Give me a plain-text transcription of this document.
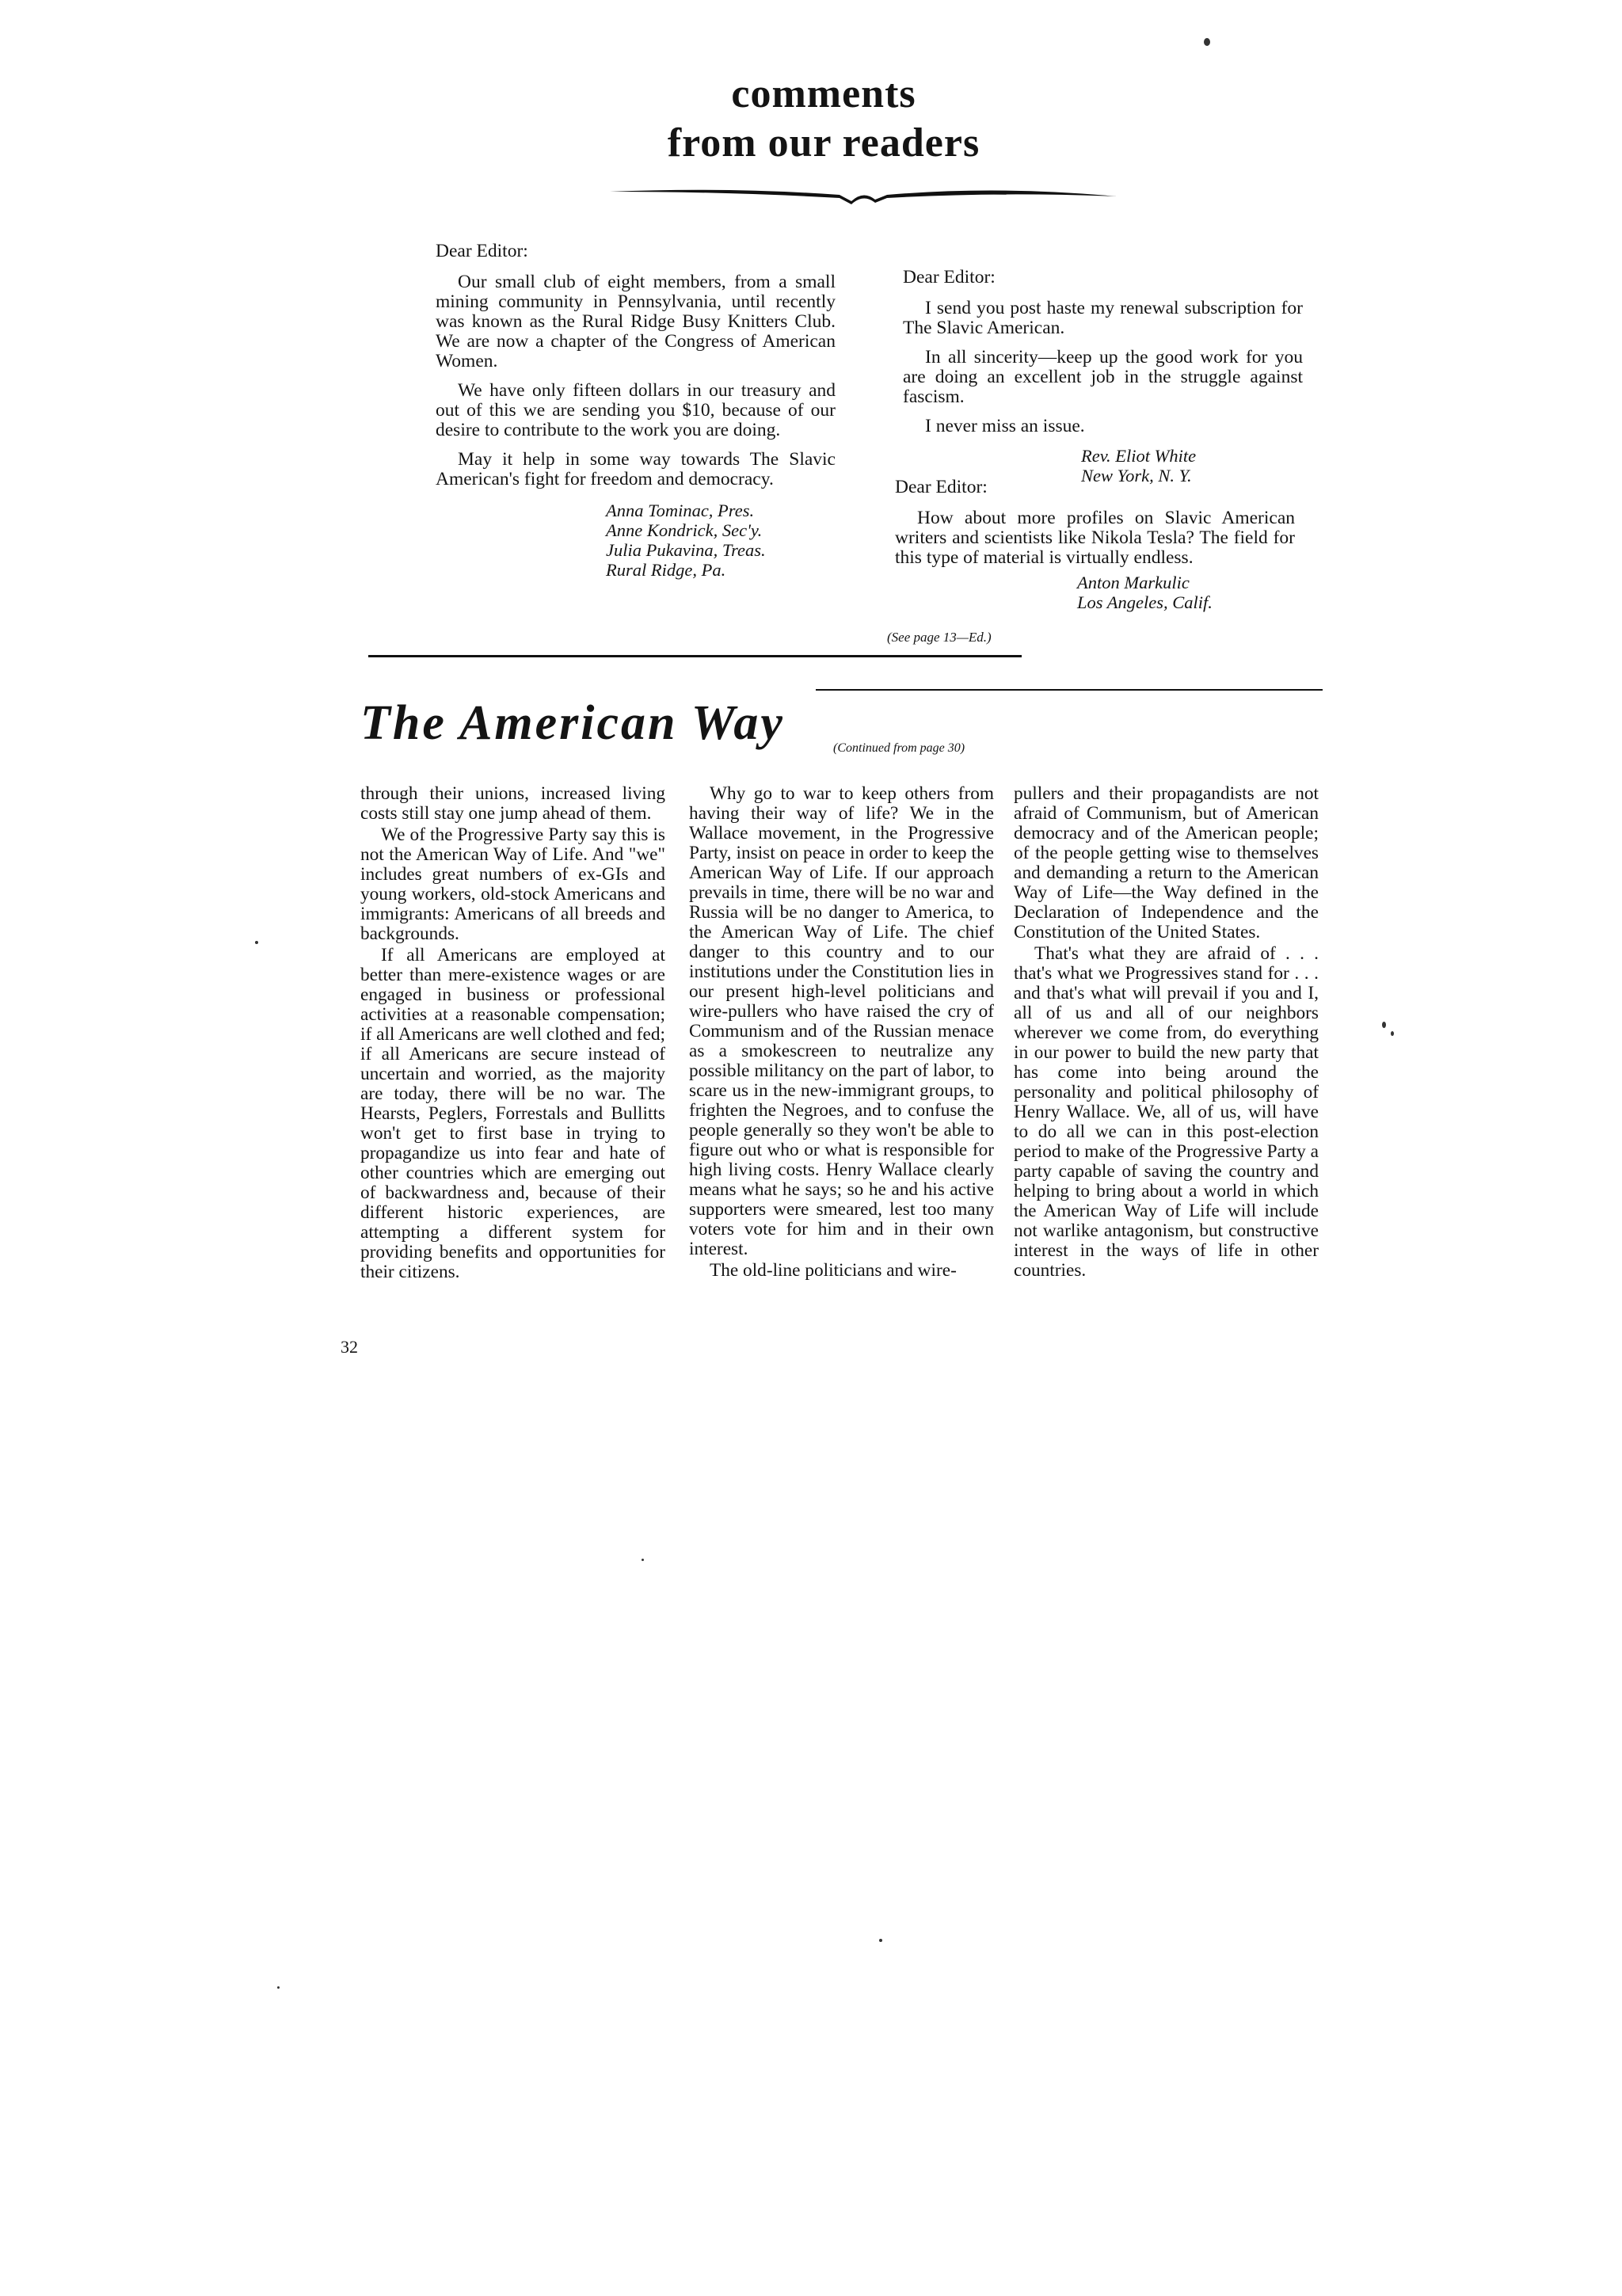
comments
from our readers
Dear Editor:

Our small club of eight members, from a small mining community in Pennsylvania, until recently was known as the Rural Ridge Busy Knitters Club. We are now a chapter of the Congress of American Women.

We have only fifteen dollars in our treasury and out of this we are sending you $10, because of our desire to contribute to the work you are doing.

May it help in some way towards The Slavic American's fight for freedom and democracy.

Anna Tominac, Pres.
Anne Kondrick, Sec'y.
Julia Pukavina, Treas.
Rural Ridge, Pa.
Dear Editor:

I send you post haste my renewal subscription for The Slavic American.

In all sincerity—keep up the good work for you are doing an excellent job in the struggle against fascism.

I never miss an issue.

Rev. Eliot White
New York, N. Y.
Dear Editor:

How about more profiles on Slavic American writers and scientists like Nikola Tesla? The field for this type of material is virtually endless.

Anton Markulic
Los Angeles, Calif.
(See page 13—Ed.)
The American Way	(Continued from page 30)

through their unions, increased living costs still stay one jump ahead of them.

We of the Progressive Party say this is not the American Way of Life. And "we" includes great numbers of ex-GIs and young workers, old-stock Americans and immigrants: Americans of all breeds and backgrounds.

If all Americans are employed at better than mere-existence wages or are engaged in business or professional activities at a reasonable compensation; if all Americans are well clothed and fed; if all Americans are secure instead of uncertain and worried, as the majority are today, there will be no war. The Hearsts, Peglers, Forrestals and Bullitts won't get to first base in trying to propagandize us into fear and hate of other countries which are emerging out of backwardness and, because of their different historic experiences, are attempting a different system for providing benefits and opportunities for their citizens.

Why go to war to keep others from having their way of life? We in the Wallace movement, in the Progressive Party, insist on peace in order to keep the American Way of Life. If our approach prevails in time, there will be no war and Russia will be no danger to America, to the American Way of Life. The chief danger to this country and to our institutions under the Constitution lies in our present high-level politicians and wire-pullers who have raised the cry of Communism and of the Russian menace as a smokescreen to neutralize any possible militancy on the part of labor, to scare us in the new-immigrant groups, to frighten the Negroes, and to confuse the people generally so they won't be able to figure out who or what is responsible for high living costs. Henry Wallace clearly means what he says; so he and his active supporters were smeared, lest too many voters vote for him and in their own interest.

The old-line politicians and wire-

pullers and their propagandists are not afraid of Communism, but of American democracy and of the American people; of the people getting wise to themselves and demanding a return to the American Way of Life—the Way defined in the Declaration of Independence and the Constitution of the United States.

That's what they are afraid of . . . that's what we Progressives stand for . . . and that's what will prevail if you and I, all of us and all of our neighbors wherever we come from, do everything in our power to build the new party that has come into being around the personality and political philosophy of Henry Wallace. We, all of us, will have to do all we can in this post-election period to make of the Progressive Party a party capable of saving the country and helping to bring about a world in which the American Way of Life will include not warlike antagonism, but constructive interest in the ways of life in other countries.

32
